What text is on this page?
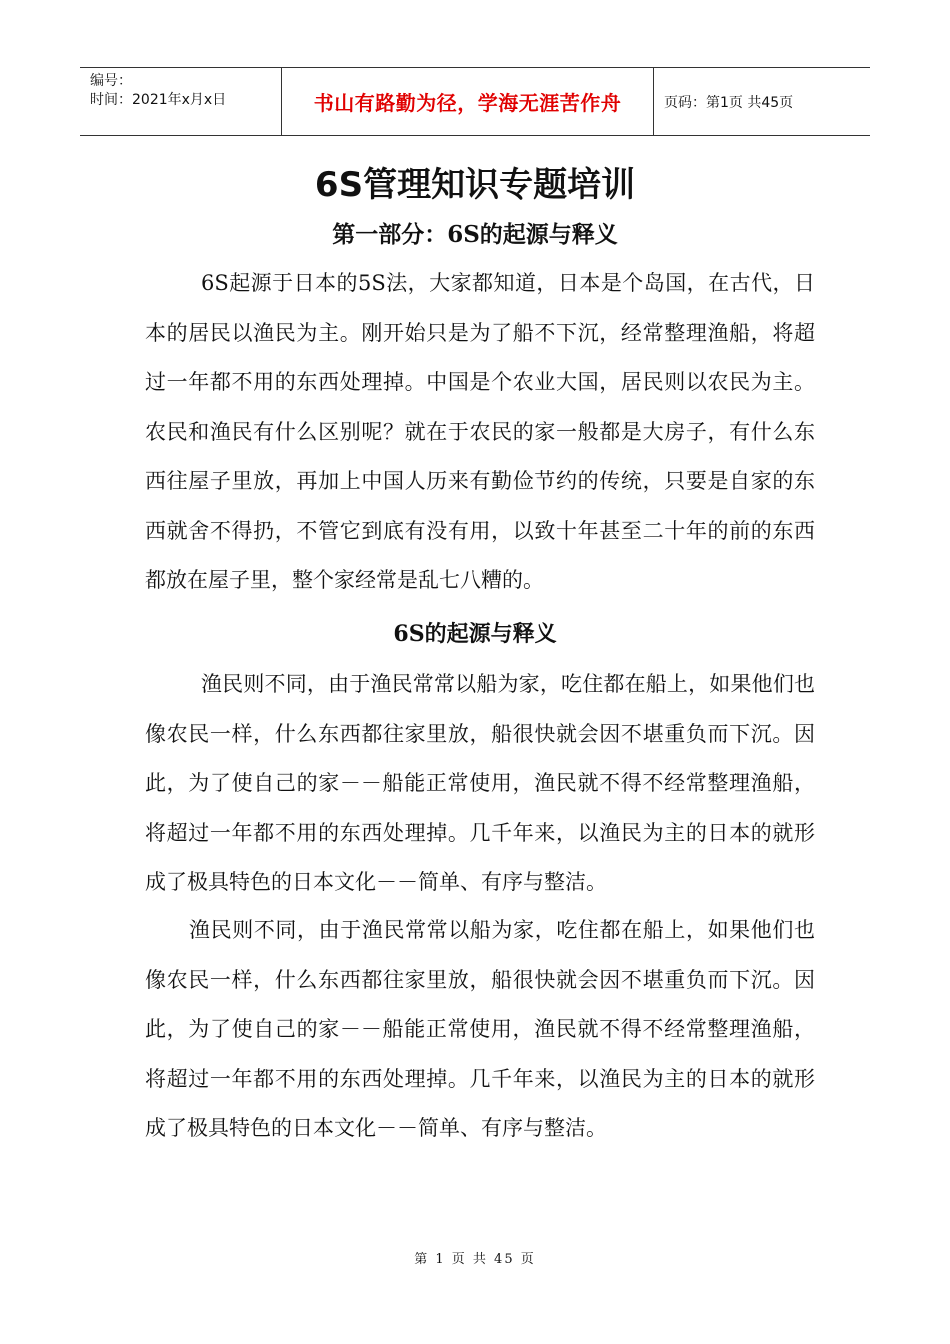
编号：
时间：2021年x月x日	书山有路勤为径，学海无涯苦作舟	页码：第1页 共45页
6S管理知识专题培训
第一部分：6S的起源与释义

6S起源于日本的5S法，大家都知道，日本是个岛国，在古代，日本的居民以渔民为主。刚开始只是为了船不下沉，经常整理渔船，将超过一年都不用的东西处理掉。中国是个农业大国，居民则以农民为主。农民和渔民有什么区别呢？就在于农民的家一般都是大房子，有什么东西往屋子里放，再加上中国人历来有勤俭节约的传统，只要是自家的东西就舍不得扔，不管它到底有没有用，以致十年甚至二十年的前的东西都放在屋子里，整个家经常是乱七八糟的。

6S的起源与释义

渔民则不同，由于渔民常常以船为家，吃住都在船上，如果他们也像农民一样，什么东西都往家里放，船很快就会因不堪重负而下沉。因此，为了使自己的家－－船能正常使用，渔民就不得不经常整理渔船，将超过一年都不用的东西处理掉。几千年来，以渔民为主的日本的就形成了极具特色的日本文化－－简单、有序与整洁。

渔民则不同，由于渔民常常以船为家，吃住都在船上，如果他们也像农民一样，什么东西都往家里放，船很快就会因不堪重负而下沉。因此，为了使自己的家－－船能正常使用，渔民就不得不经常整理渔船，将超过一年都不用的东西处理掉。几千年来，以渔民为主的日本的就形成了极具特色的日本文化－－简单、有序与整洁。

第 1 页 共 45 页
